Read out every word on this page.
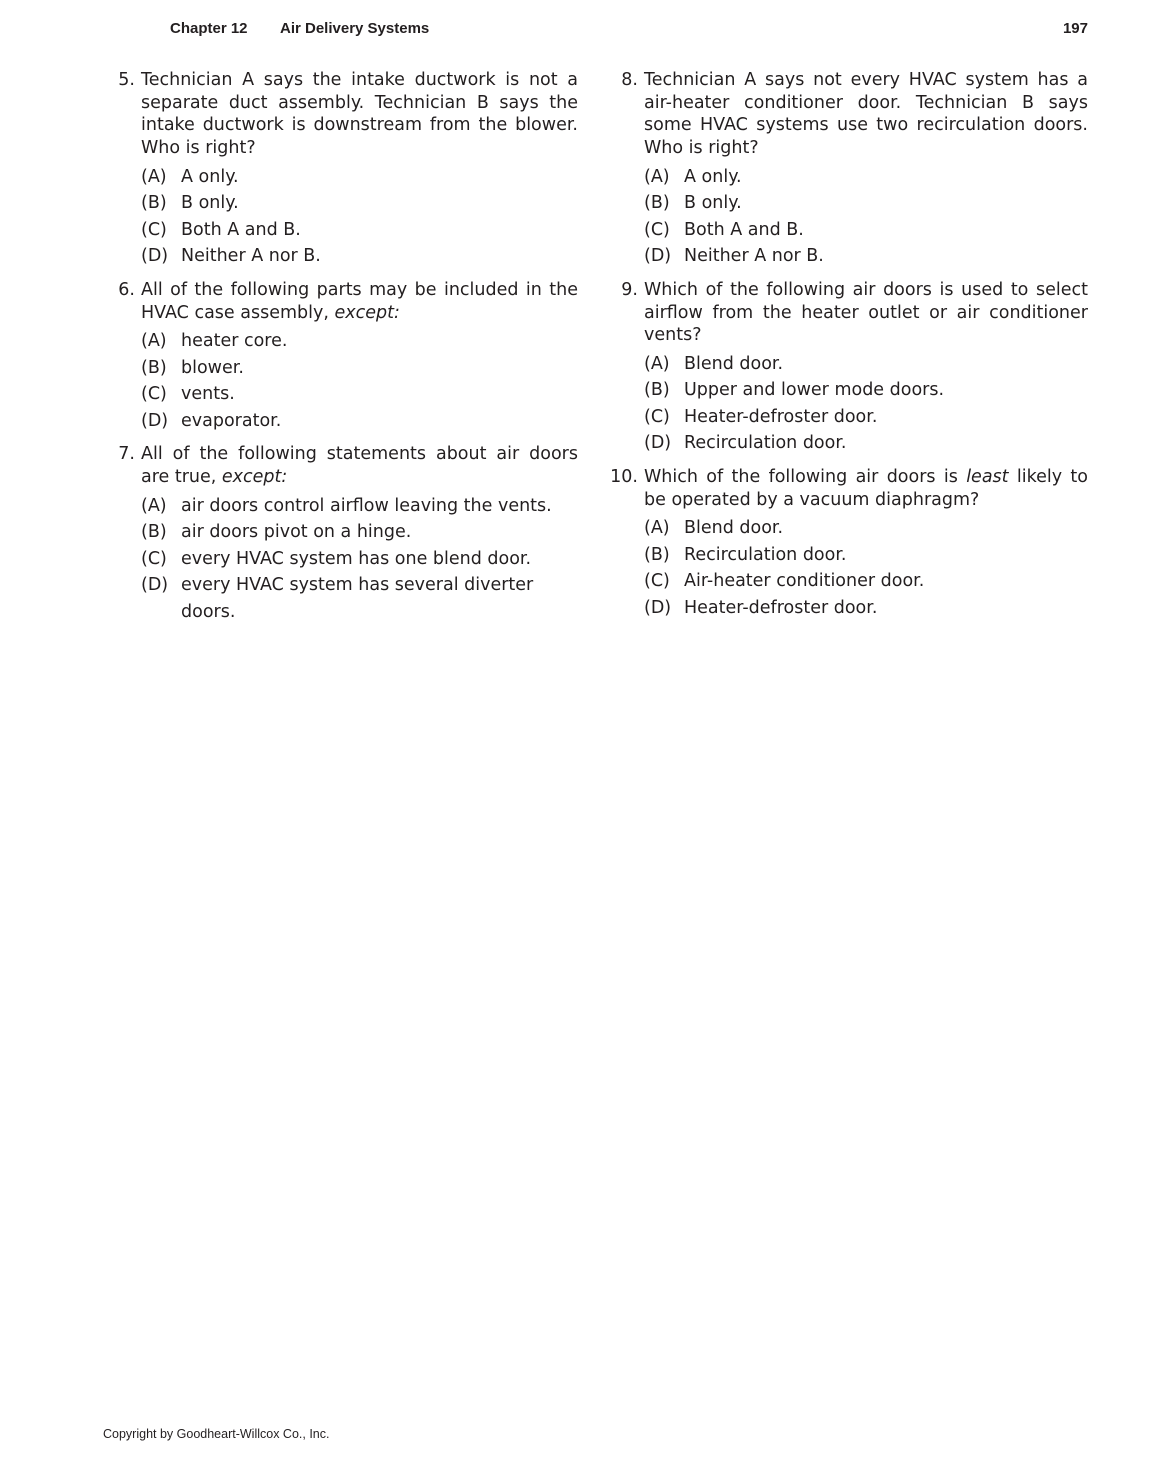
Chapter 12 Air Delivery Systems	197
5. Technician A says the intake ductwork is not a separate duct assembly. Technician B says the intake ductwork is downstream from the blower. Who is right?
(A) A only.
(B) B only.
(C) Both A and B.
(D) Neither A nor B.
6. All of the following parts may be included in the HVAC case assembly, except:
(A) heater core.
(B) blower.
(C) vents.
(D) evaporator.
7. All of the following statements about air doors are true, except:
(A) air doors control airflow leaving the vents.
(B) air doors pivot on a hinge.
(C) every HVAC system has one blend door.
(D) every HVAC system has several diverter doors.
8. Technician A says not every HVAC system has a air-heater conditioner door. Technician B says some HVAC systems use two recirculation doors. Who is right?
(A) A only.
(B) B only.
(C) Both A and B.
(D) Neither A nor B.
9. Which of the following air doors is used to select airflow from the heater outlet or air conditioner vents?
(A) Blend door.
(B) Upper and lower mode doors.
(C) Heater-defroster door.
(D) Recirculation door.
10. Which of the following air doors is least likely to be operated by a vacuum diaphragm?
(A) Blend door.
(B) Recirculation door.
(C) Air-heater conditioner door.
(D) Heater-defroster door.
Copyright by Goodheart-Willcox Co., Inc.
